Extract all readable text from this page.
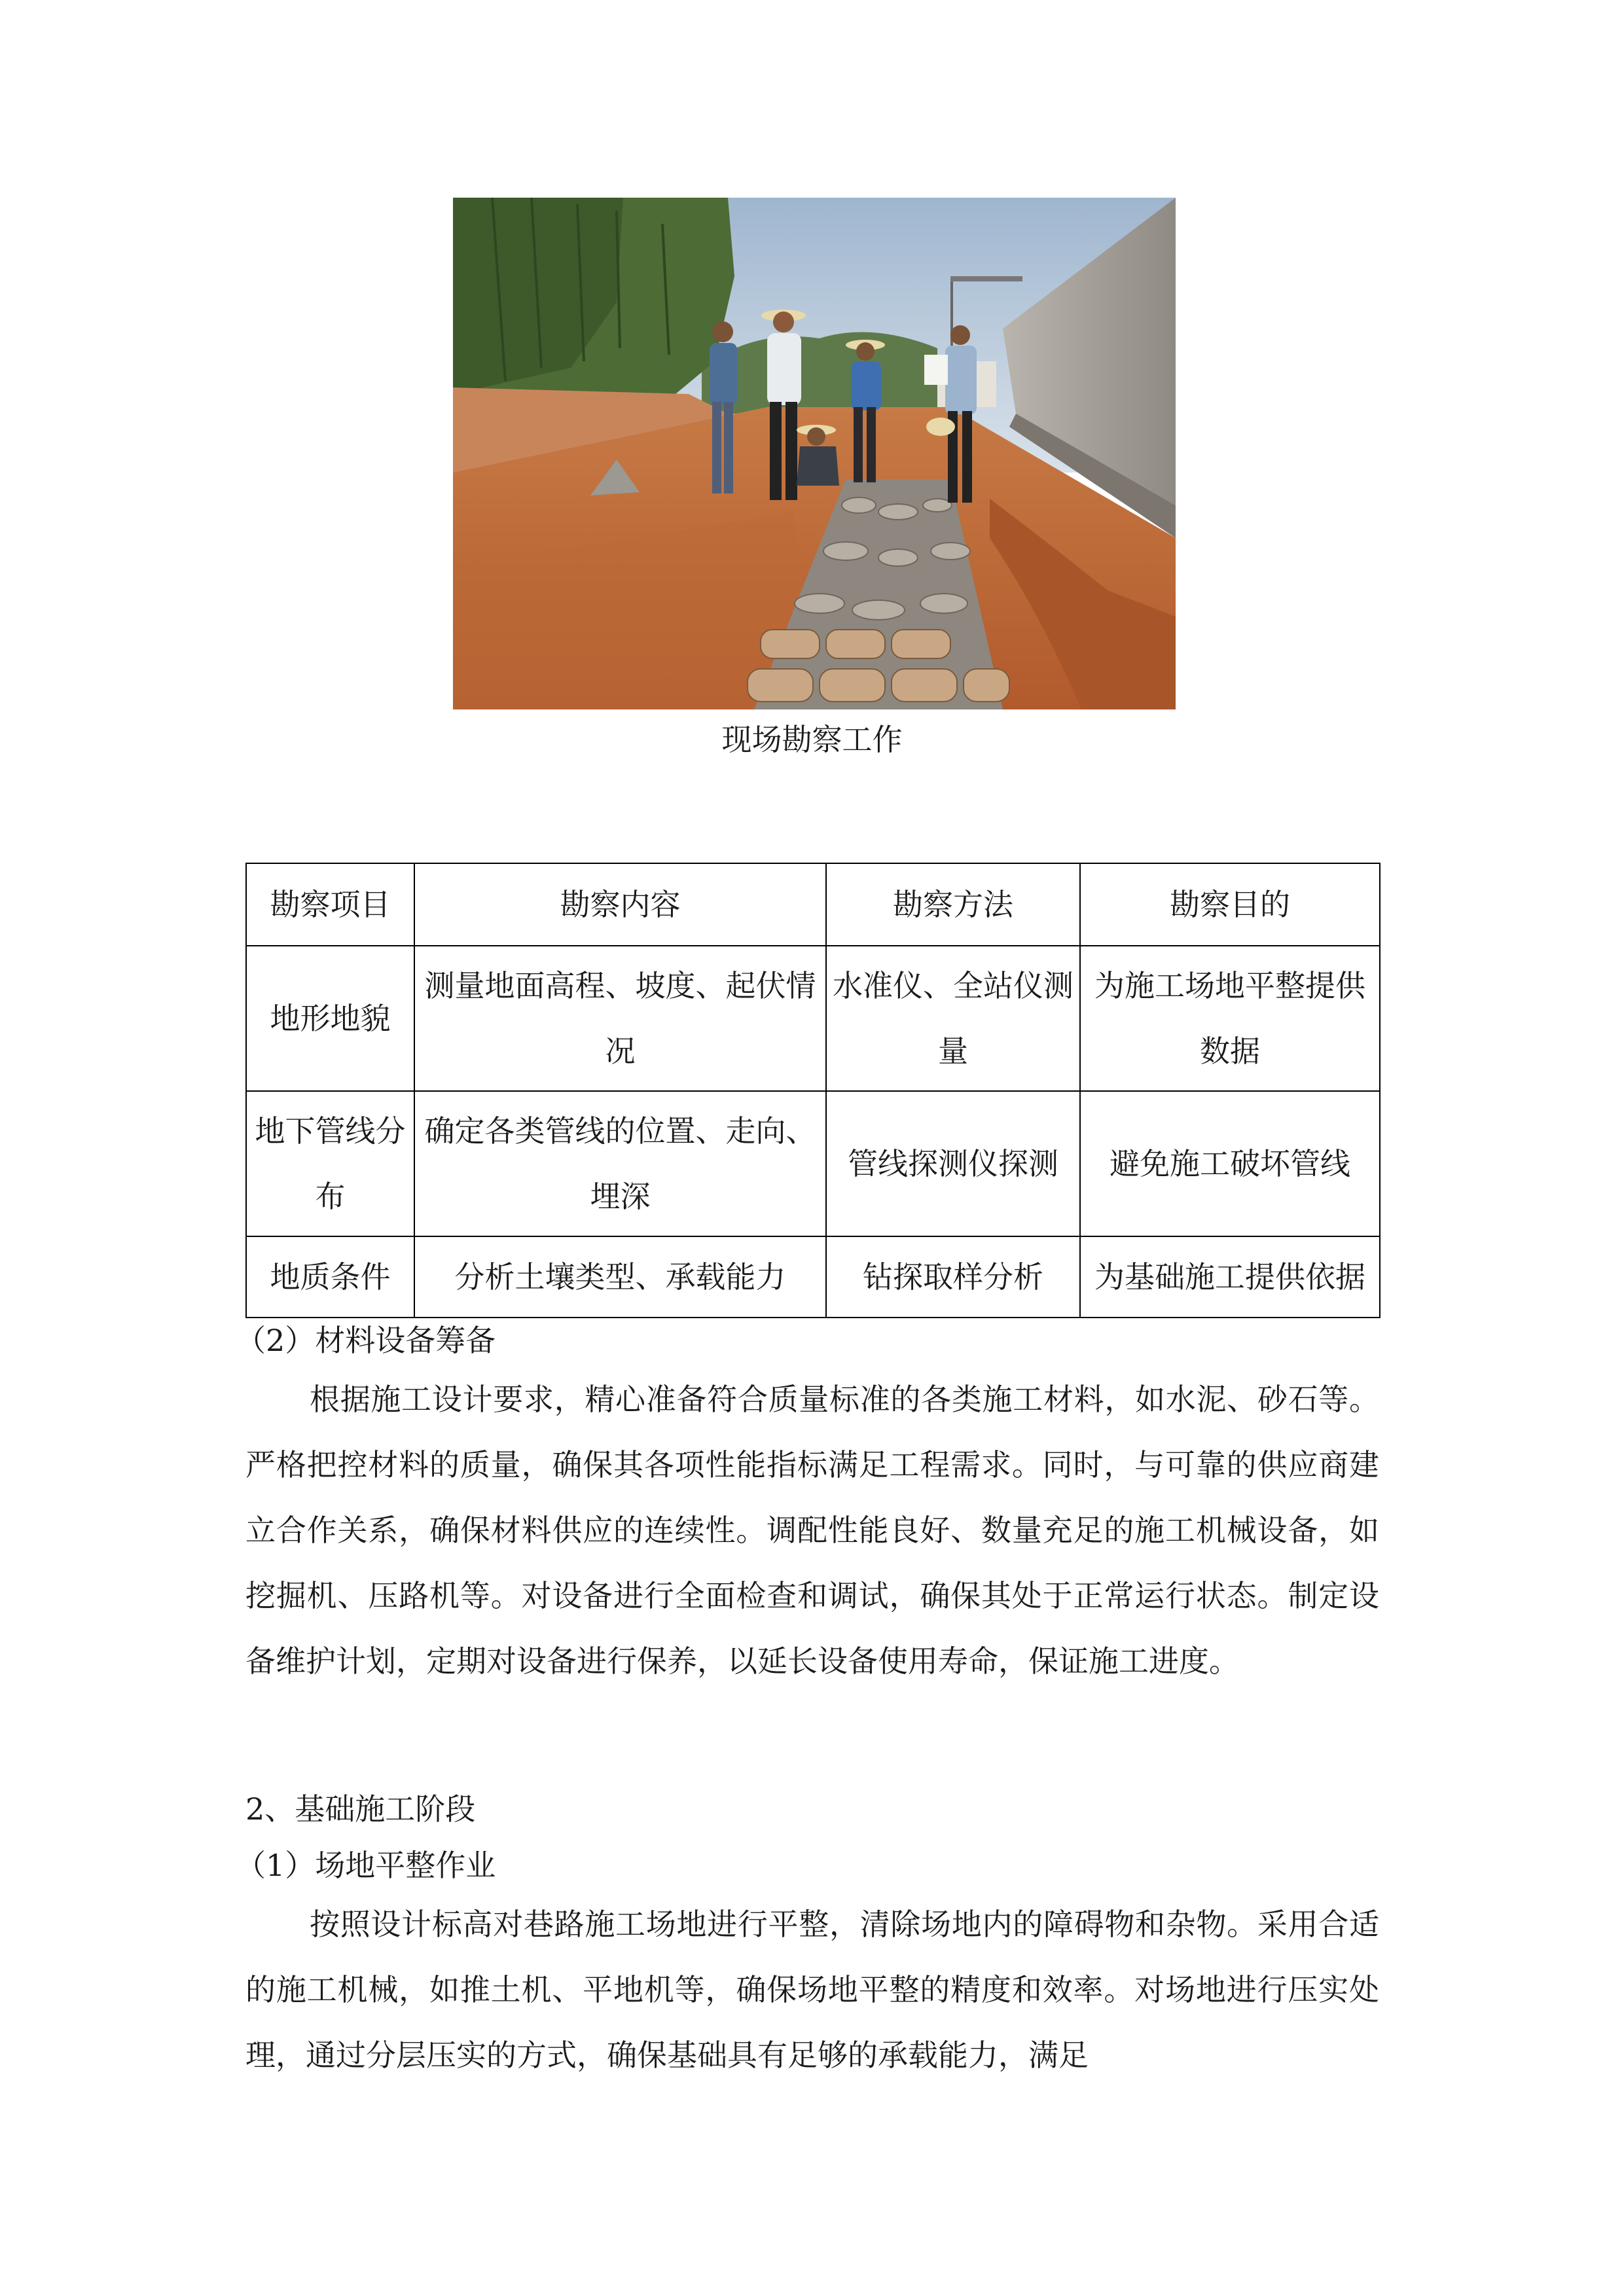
现场勘察工作
勘察项目	勘察内容	勘察方法	勘察目的
地形地貌	测量地面高程、坡度、起伏情况	水准仪、全站仪测量	为施工场地平整提供数据
地下管线分布	确定各类管线的位置、走向、埋深	管线探测仪探测	避免施工破坏管线
地质条件	分析土壤类型、承载能力	钻探取样分析	为基础施工提供依据
（2）材料设备筹备

根据施工设计要求，精心准备符合质量标准的各类施工材料，如水泥、砂石等。严格把控材料的质量，确保其各项性能指标满足工程需求。同时，与可靠的供应商建立合作关系，确保材料供应的连续性。调配性能良好、数量充足的施工机械设备，如挖掘机、压路机等。对设备进行全面检查和调试，确保其处于正常运行状态。制定设备维护计划，定期对设备进行保养，以延长设备使用寿命，保证施工进度。

2、基础施工阶段
（1）场地平整作业

按照设计标高对巷路施工场地进行平整，清除场地内的障碍物和杂物。采用合适的施工机械，如推土机、平地机等，确保场地平整的精度和效率。对场地进行压实处理，通过分层压实的方式，确保基础具有足够的承载能力，满足
